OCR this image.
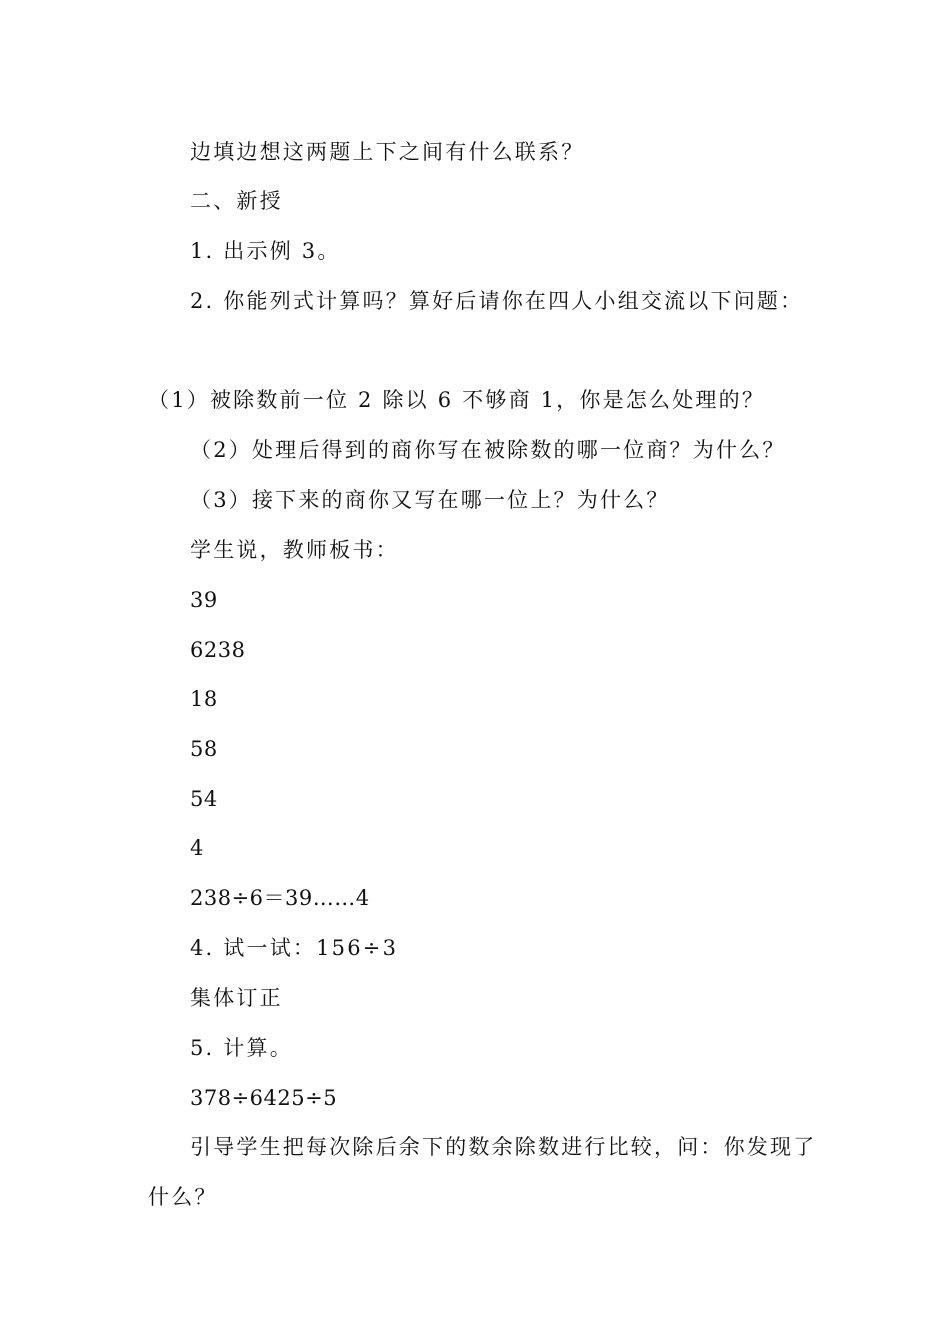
边填边想这两题上下之间有什么联系？
二、新授
1. 出示例 3。
2. 你能列式计算吗？算好后请你在四人小组交流以下问题：
（1）被除数前一位 2 除以 6 不够商 1，你是怎么处理的？
（2）处理后得到的商你写在被除数的哪一位商？为什么？
（3）接下来的商你又写在哪一位上？为什么？
学生说，教师板书：
39
6238
18
58
54
4
238÷6＝39……4
4. 试一试：156÷3
集体订正
5. 计算。
378÷6425÷5
引导学生把每次除后余下的数余除数进行比较，问：你发现了
什么？
